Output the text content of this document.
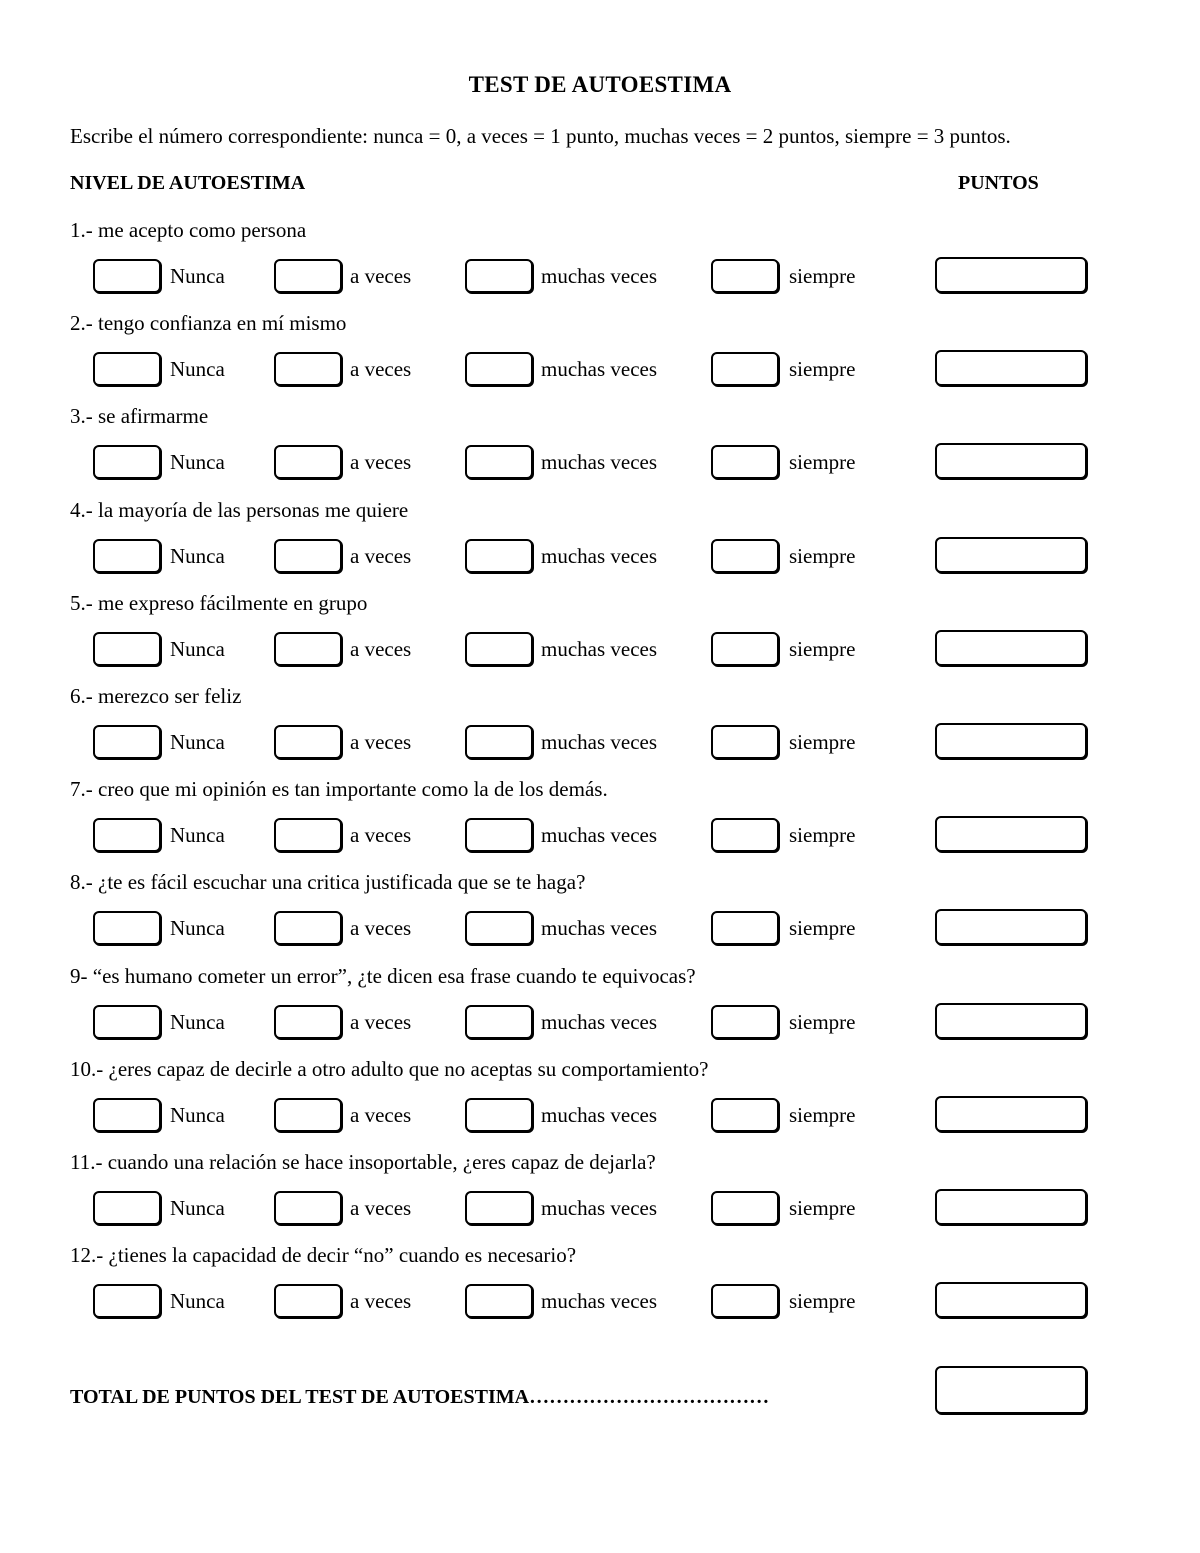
TEST DE AUTOESTIMA
Escribe el número correspondiente: nunca = 0, a veces = 1 punto, muchas veces = 2 puntos, siempre = 3 puntos.
NIVEL DE AUTOESTIMA	PUNTOS
1.- me acepto como persona
Nunca	a veces	muchas veces	siempre
2.- tengo confianza en mí mismo
Nunca	a veces	muchas veces	siempre
3.- se afirmarme
Nunca	a veces	muchas veces	siempre
4.- la mayoría de las personas me quiere
Nunca	a veces	muchas veces	siempre
5.- me expreso fácilmente en grupo
Nunca	a veces	muchas veces	siempre
6.- merezco ser feliz
Nunca	a veces	muchas veces	siempre
7.- creo que mi opinión es tan importante como la de los demás.
Nunca	a veces	muchas veces	siempre
8.- ¿te es fácil escuchar una critica justificada que se te haga?
Nunca	a veces	muchas veces	siempre
9- “es humano cometer un error”, ¿te dicen esa frase cuando te equivocas?
Nunca	a veces	muchas veces	siempre
10.- ¿eres capaz de decirle a otro adulto que no aceptas su comportamiento?
Nunca	a veces	muchas veces	siempre
11.- cuando una relación se hace insoportable, ¿eres capaz de dejarla?
Nunca	a veces	muchas veces	siempre
12.- ¿tienes la capacidad de decir “no” cuando es necesario?
Nunca	a veces	muchas veces	siempre
TOTAL DE PUNTOS DEL TEST DE AUTOESTIMA………………………………
